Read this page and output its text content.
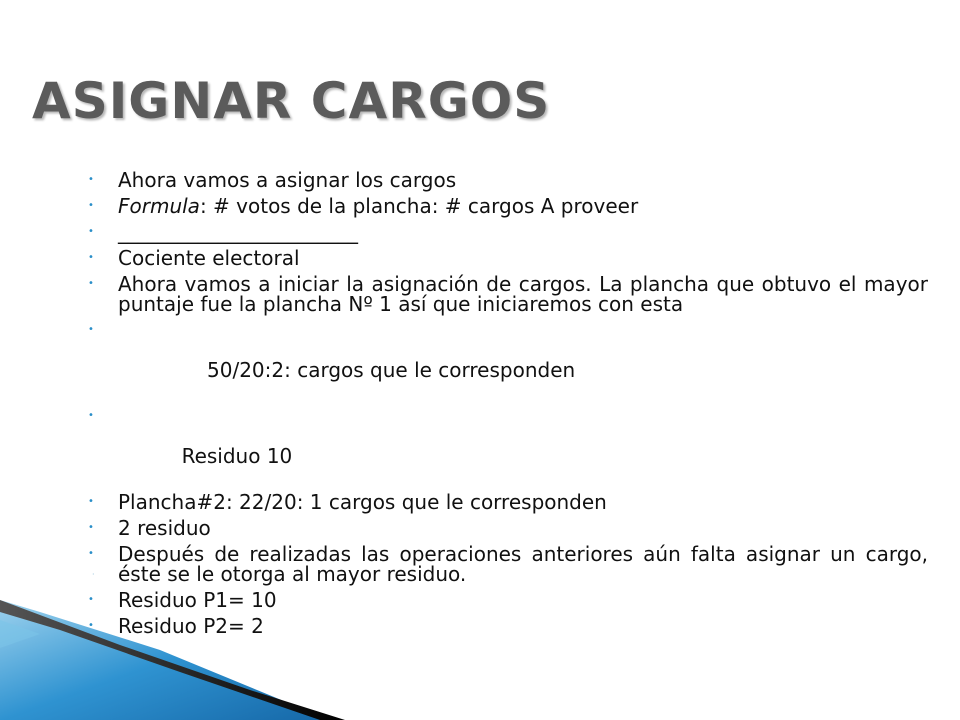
ASIGNAR CARGOS
•	Ahora vamos a asignar los cargos
•	Formula: # votos de la plancha: # cargos A proveer
•	________________________
•	Cociente electoral
•	Ahora vamos a iniciar la asignación de cargos. La plancha que obtuvo el mayor puntaje fue la plancha Nº 1 así que iniciaremos con esta

•

50/20:2: cargos que le corresponden

•

Residuo 10

•	Plancha#2: 22/20: 1 cargos que le corresponden
•	2 residuo
•	Después de realizadas las operaciones anteriores aún falta asignar un cargo, éste se le otorga al mayor residuo.
•	Residuo P1= 10
•	Residuo P2= 2
·
